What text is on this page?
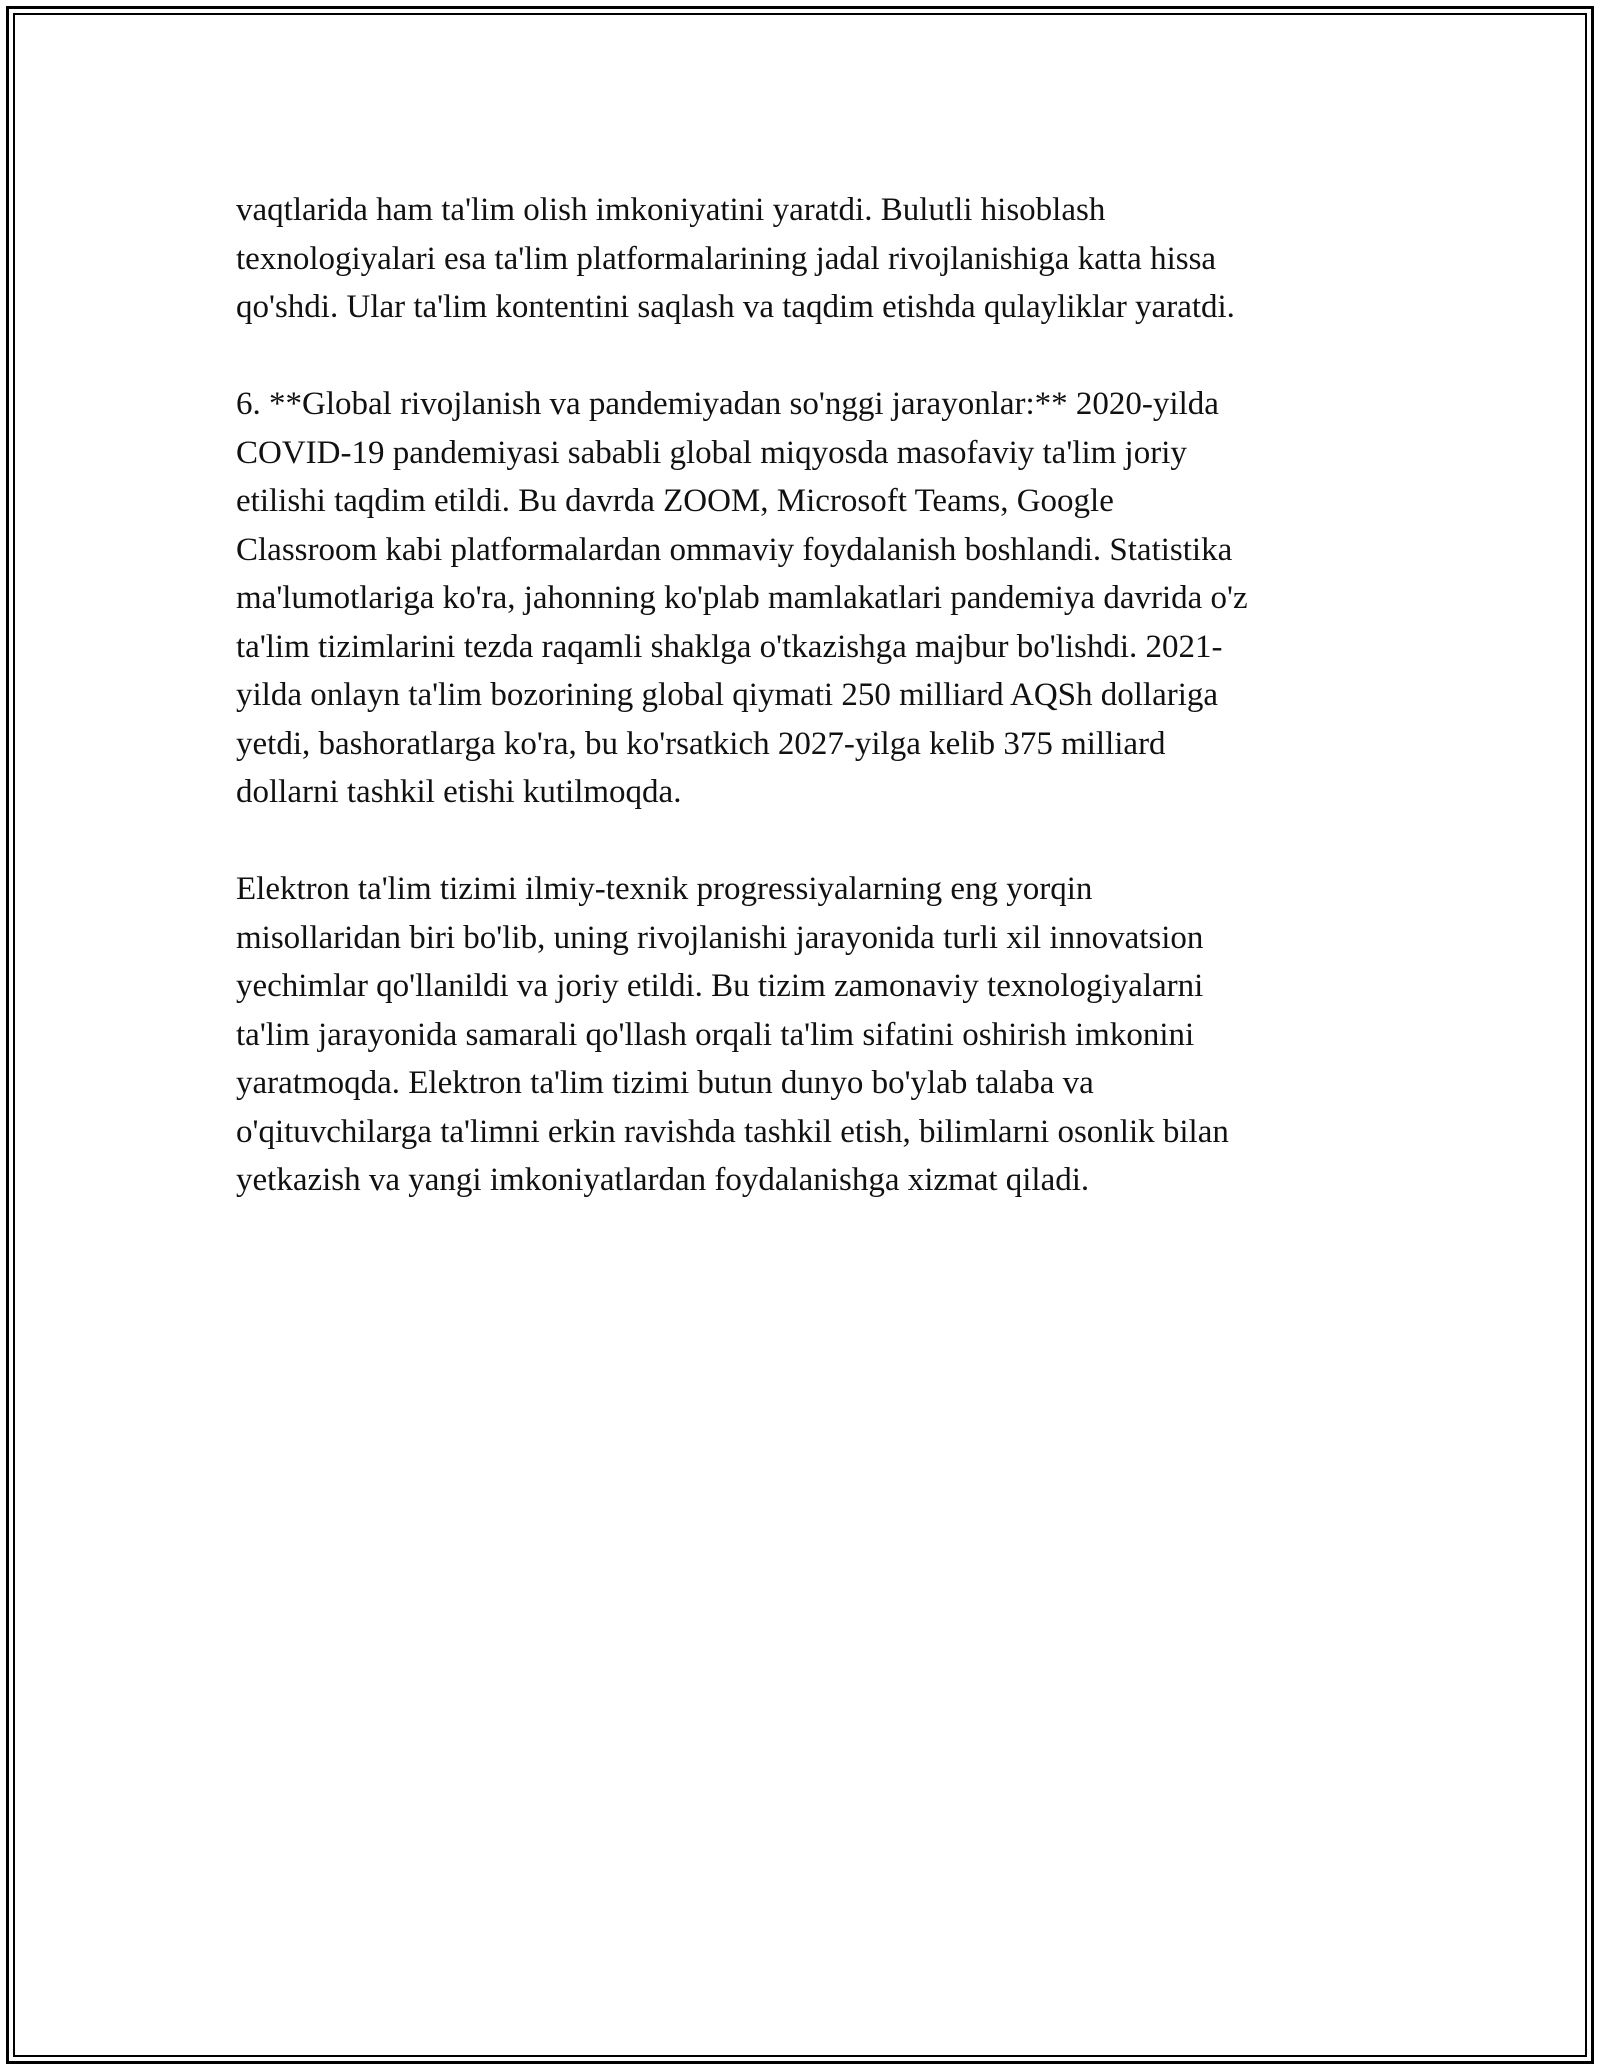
vaqtlarida ham ta'lim olish imkoniyatini yaratdi. Bulutli hisoblash
texnologiyalari esa ta'lim platformalarining jadal rivojlanishiga katta hissa
qo'shdi. Ular ta'lim kontentini saqlash va taqdim etishda qulayliklar yaratdi.
6. **Global rivojlanish va pandemiyadan so'nggi jarayonlar:** 2020-yilda
COVID-19 pandemiyasi sababli global miqyosda masofaviy ta'lim joriy
etilishi taqdim etildi. Bu davrda ZOOM, Microsoft Teams, Google
Classroom kabi platformalardan ommaviy foydalanish boshlandi. Statistika
ma'lumotlariga ko'ra, jahonning ko'plab mamlakatlari pandemiya davrida o'z
ta'lim tizimlarini tezda raqamli shaklga o'tkazishga majbur bo'lishdi. 2021-
yilda onlayn ta'lim bozorining global qiymati 250 milliard AQSh dollariga
yetdi, bashoratlarga ko'ra, bu ko'rsatkich 2027-yilga kelib 375 milliard
dollarni tashkil etishi kutilmoqda.
Elektron ta'lim tizimi ilmiy-texnik progressiyalarning eng yorqin
misollaridan biri bo'lib, uning rivojlanishi jarayonida turli xil innovatsion
yechimlar qo'llanildi va joriy etildi. Bu tizim zamonaviy texnologiyalarni
ta'lim jarayonida samarali qo'llash orqali ta'lim sifatini oshirish imkonini
yaratmoqda. Elektron ta'lim tizimi butun dunyo bo'ylab talaba va
o'qituvchilarga ta'limni erkin ravishda tashkil etish, bilimlarni osonlik bilan
yetkazish va yangi imkoniyatlardan foydalanishga xizmat qiladi.
